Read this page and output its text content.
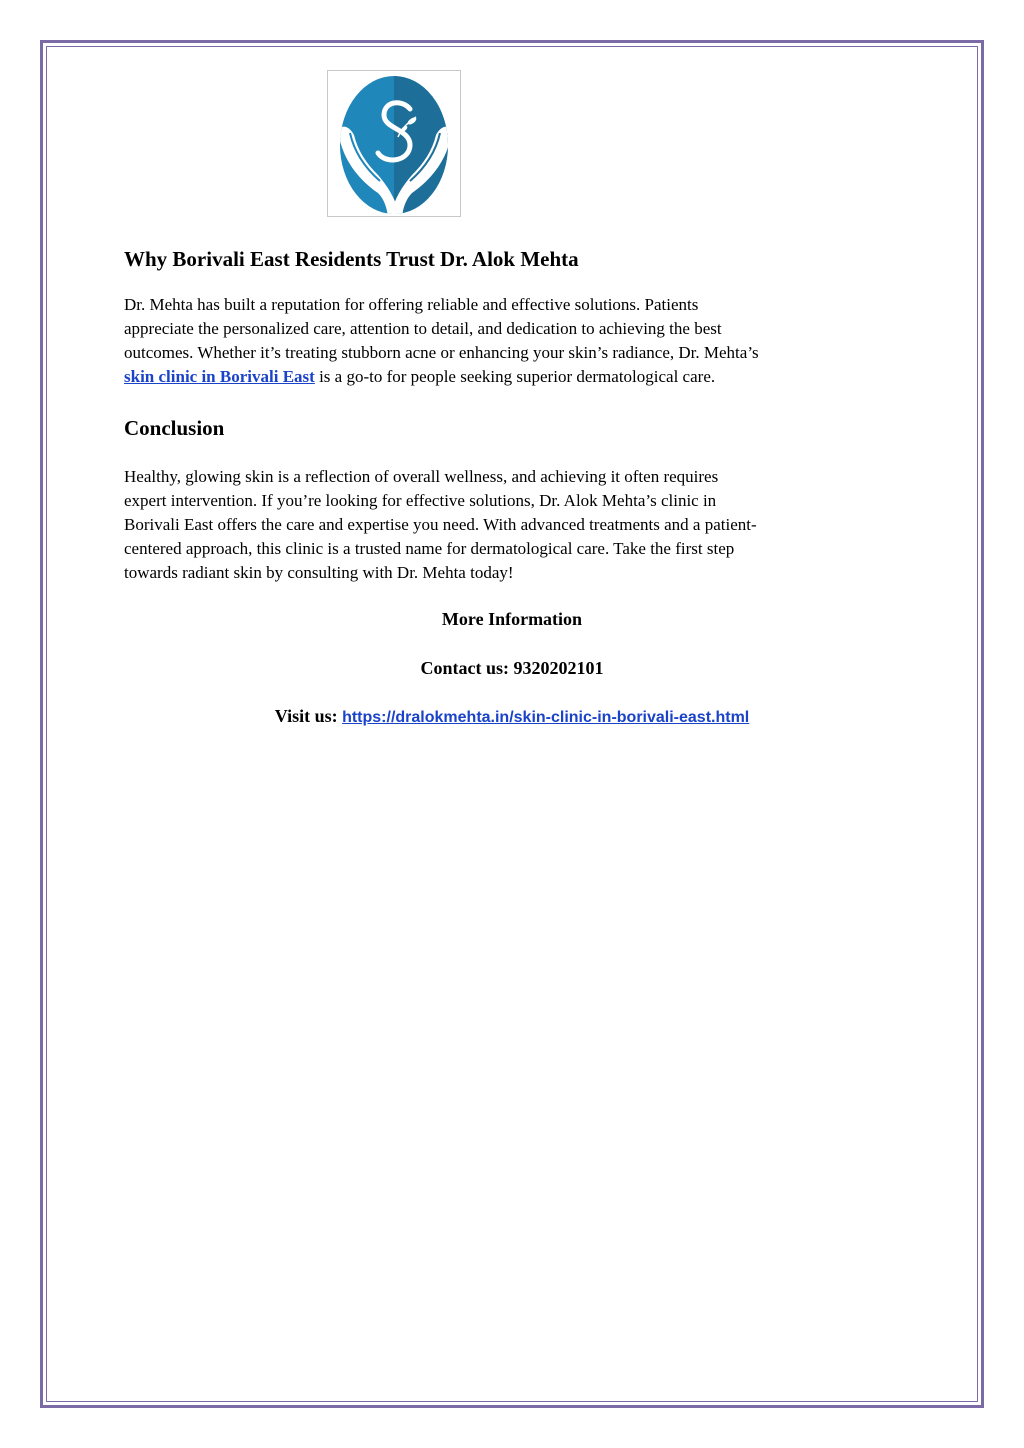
Why Borivali East Residents Trust Dr. Alok Mehta

Dr. Mehta has built a reputation for offering reliable and effective solutions. Patients
appreciate the personalized care, attention to detail, and dedication to achieving the best
outcomes. Whether it’s treating stubborn acne or enhancing your skin’s radiance, Dr. Mehta’s
skin clinic in Borivali East is a go-to for people seeking superior dermatological care.

Conclusion

Healthy, glowing skin is a reflection of overall wellness, and achieving it often requires
expert intervention. If you’re looking for effective solutions, Dr. Alok Mehta’s clinic in
Borivali East offers the care and expertise you need. With advanced treatments and a patient-
centered approach, this clinic is a trusted name for dermatological care. Take the first step
towards radiant skin by consulting with Dr. Mehta today!

More Information
Contact us: 9320202101
Visit us: https://dralokmehta.in/skin-clinic-in-borivali-east.html
